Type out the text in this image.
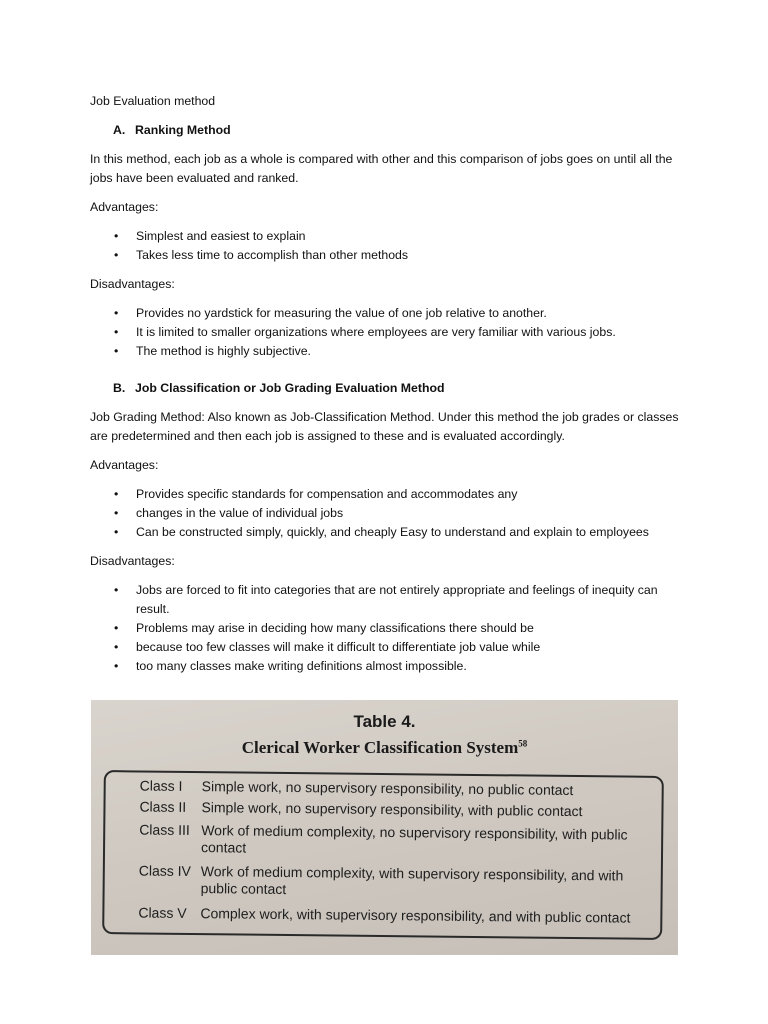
Job Evaluation method

A. Ranking Method

In this method, each job as a whole is compared with other and this comparison of jobs goes on until all the jobs have been evaluated and ranked.

Advantages:

• Simplest and easiest to explain
• Takes less time to accomplish than other methods

Disadvantages:

• Provides no yardstick for measuring the value of one job relative to another.
• It is limited to smaller organizations where employees are very familiar with various jobs.
• The method is highly subjective.
B. Job Classification or Job Grading Evaluation Method

Job Grading Method: Also known as Job-Classification Method. Under this method the job grades or classes are predetermined and then each job is assigned to these and is evaluated accordingly.

Advantages:

• Provides specific standards for compensation and accommodates any
• changes in the value of individual jobs
• Can be constructed simply, quickly, and cheaply Easy to understand and explain to employees

Disadvantages:

• Jobs are forced to fit into categories that are not entirely appropriate and feelings of inequity can result.
• Problems may arise in deciding how many classifications there should be
• because too few classes will make it difficult to differentiate job value while
• too many classes make writing definitions almost impossible.
​
Table 4.
Clerical Worker Classification System$^{58}$
Class I	Simple work, no supervisory responsibility, no public contact
Class II	Simple work, no supervisory responsibility, with public contact
Class III Work of medium complexity, no supervisory responsibility, with public contact
Class IV Work of medium complexity, with supervisory responsibility, and with public contact
Class V Complex work, with supervisory responsibility, and with public contact
